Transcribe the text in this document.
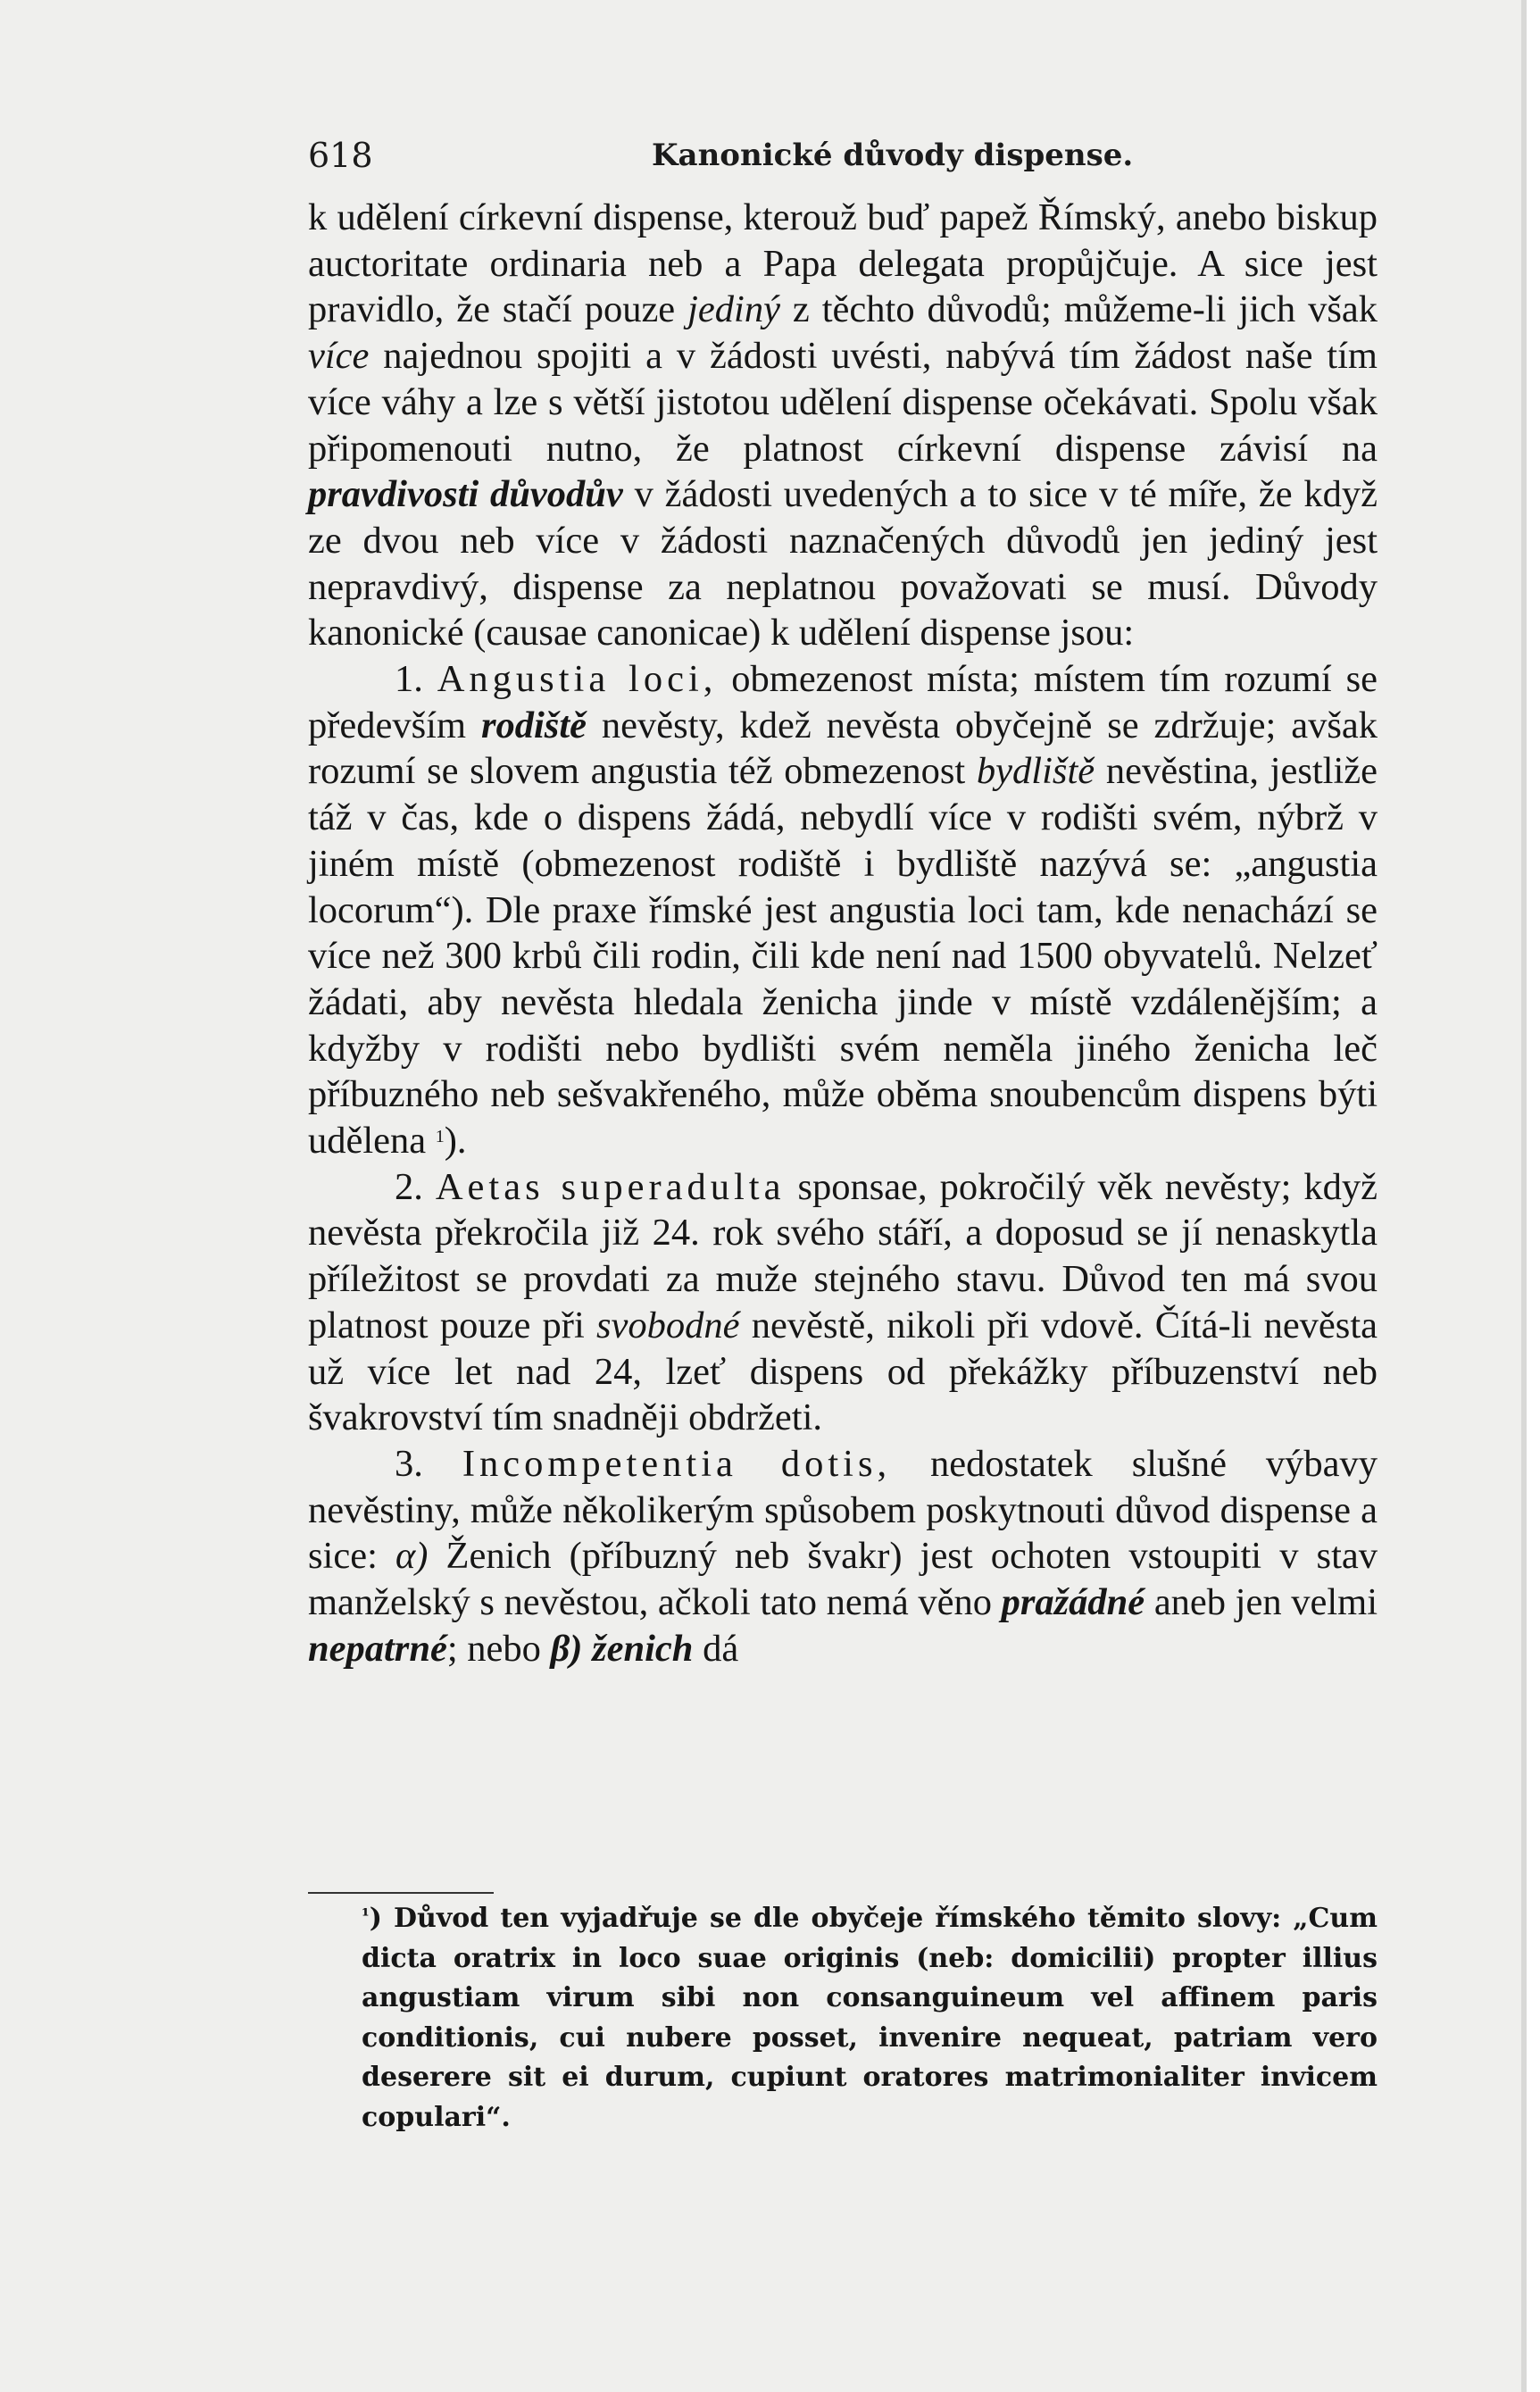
618	Kanonické důvody dispense.

k udělení církevní dispense, kterouž buď papež Římský, anebo biskup auctoritate ordinaria neb a Papa delegata propůjčuje. A sice jest pravidlo, že stačí pouze jediný z těchto důvodů; můžeme-li jich však více najednou spojiti a v žádosti uvésti, nabývá tím žádost naše tím více váhy a lze s větší jistotou udělení dispense očekávati. Spolu však připomenouti nutno, že platnost církevní dispense závisí na pravdivosti důvodův v žádosti uvedených a to sice v té míře, že když ze dvou neb více v žádosti naznačených důvodů jen jediný jest nepravdivý, dispense za neplatnou považovati se musí. Důvody kanonické (causae canonicae) k udělení dispense jsou:

1. Angustia loci, obmezenost místa; místem tím rozumí se především rodiště nevěsty, kdež nevěsta obyčejně se zdržuje; avšak rozumí se slovem angustia též obmezenost bydliště nevěstina, jestliže táž v čas, kde o dispens žádá, nebydlí více v rodišti svém, nýbrž v jiném místě (obmezenost rodiště i bydliště nazývá se: „angustia locorum“). Dle praxe římské jest angustia loci tam, kde nenachází se více než 300 krbů čili rodin, čili kde není nad 1500 obyvatelů. Nelzeť žádati, aby nevěsta hledala ženicha jinde v místě vzdálenějším; a kdyžby v rodišti nebo bydlišti svém neměla jiného ženicha leč příbuzného neb sešvakřeného, může oběma snoubencům dispens býti udělena $^1$).

2. Aetas superadulta sponsae, pokročilý věk nevěsty; když nevěsta překročila již 24. rok svého stáří, a doposud se jí nenaskytla příležitost se provdati za muže stejného stavu. Důvod ten má svou platnost pouze při svobodné nevěstě, nikoli při vdově. Čítá-li nevěsta už více let nad 24, lzeť dispens od překážky příbuzenství neb švakrovství tím snadněji obdržeti.

3. Incompetentia dotis, nedostatek slušné výbavy nevěstiny, může několikerým spůsobem poskytnouti důvod dispense a sice: α) Ženich (příbuzný neb švakr) jest ochoten vstoupiti v stav manželský s nevěstou, ačkoli tato nemá věno pražádné aneb jen velmi nepatrné; nebo β) ženich dá

$^{^1}$) Důvod ten vyjadřuje se dle obyčeje římského těmito slovy: „Cum dicta oratrix in loco suae originis (neb: domicilii) propter illius angustiam virum sibi non consanguineum vel affinem paris conditionis, cui nubere posset, invenire nequeat, patriam vero deserere sit ei durum, cupiunt oratores matrimonialiter invicem copulari“.
